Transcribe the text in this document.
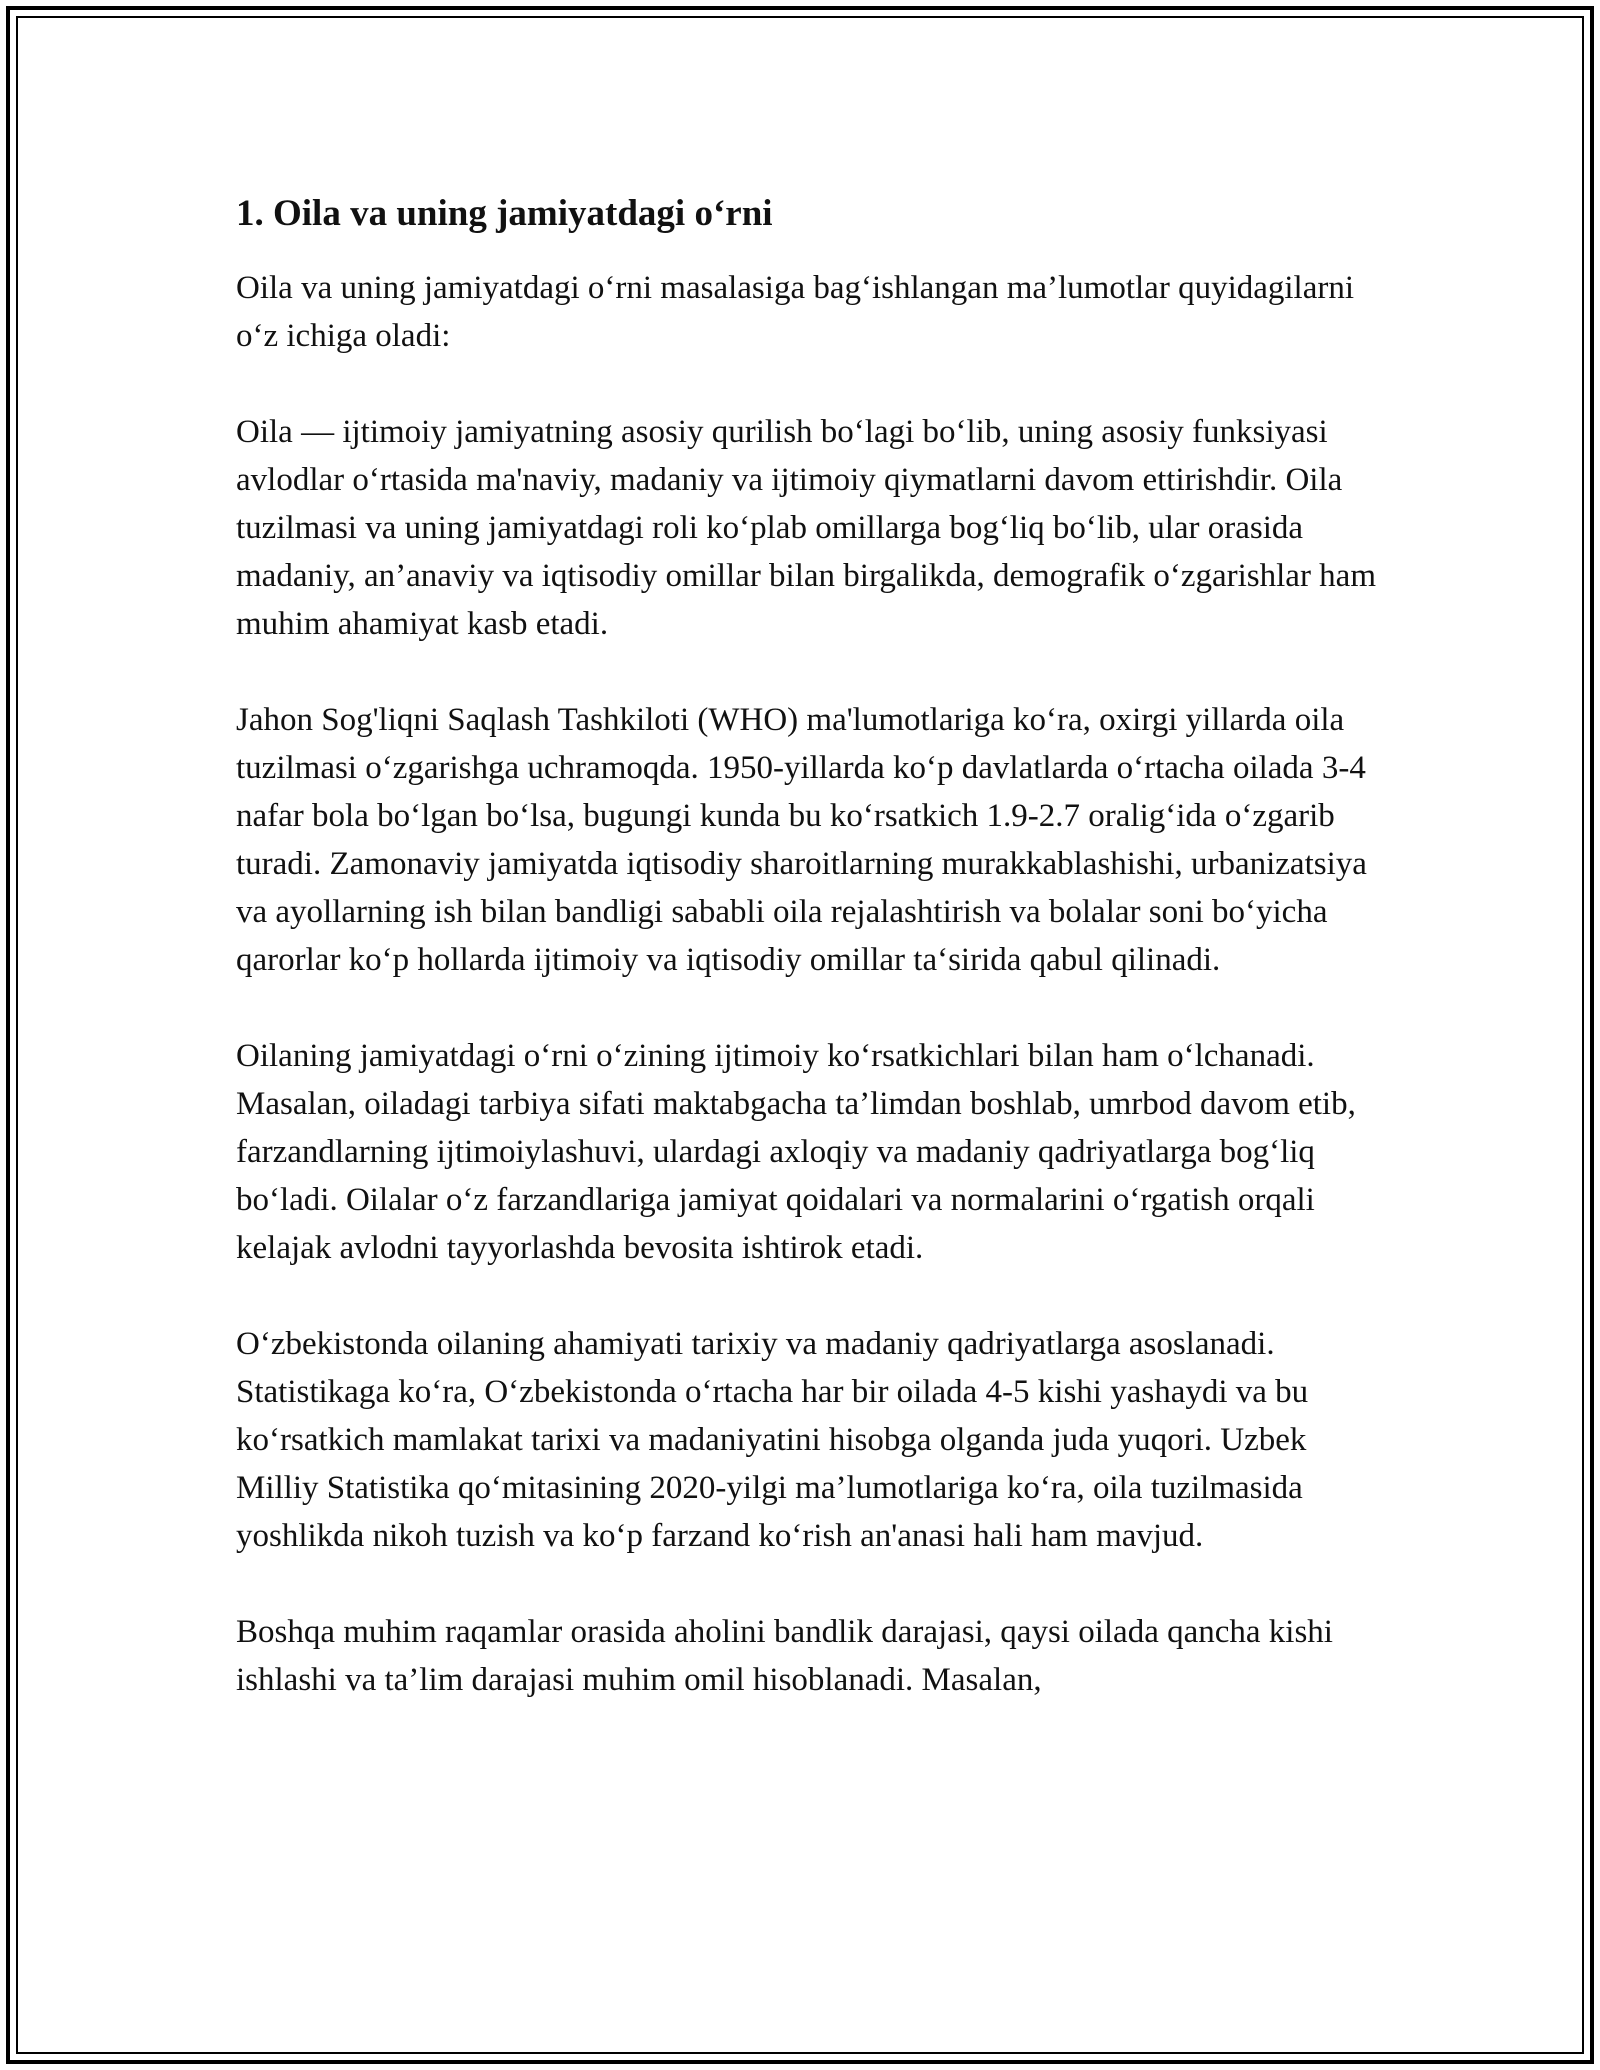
1. Oila va uning jamiyatdagi o‘rni

Oila va uning jamiyatdagi o‘rni masalasiga bag‘ishlangan ma’lumotlar quyidagilarni o‘z ichiga oladi:

Oila — ijtimoiy jamiyatning asosiy qurilish bo‘lagi bo‘lib, uning asosiy funksiyasi avlodlar o‘rtasida ma'naviy, madaniy va ijtimoiy qiymatlarni davom ettirishdir. Oila tuzilmasi va uning jamiyatdagi roli ko‘plab omillarga bog‘liq bo‘lib, ular orasida madaniy, an’anaviy va iqtisodiy omillar bilan birgalikda, demografik o‘zgarishlar ham muhim ahamiyat kasb etadi.

Jahon Sog'liqni Saqlash Tashkiloti (WHO) ma'lumotlariga ko‘ra, oxirgi yillarda oila tuzilmasi o‘zgarishga uchramoqda. 1950-yillarda ko‘p davlatlarda o‘rtacha oilada 3-4 nafar bola bo‘lgan bo‘lsa, bugungi kunda bu ko‘rsatkich 1.9-2.7 oralig‘ida o‘zgarib turadi. Zamonaviy jamiyatda iqtisodiy sharoitlarning murakkablashishi, urbanizatsiya va ayollarning ish bilan bandligi sababli oila rejalashtirish va bolalar soni bo‘yicha qarorlar ko‘p hollarda ijtimoiy va iqtisodiy omillar ta‘sirida qabul qilinadi.

Oilaning jamiyatdagi o‘rni o‘zining ijtimoiy ko‘rsatkichlari bilan ham o‘lchanadi. Masalan, oiladagi tarbiya sifati maktabgacha ta’limdan boshlab, umrbod davom etib, farzandlarning ijtimoiylashuvi, ulardagi axloqiy va madaniy qadriyatlarga bog‘liq bo‘ladi. Oilalar o‘z farzandlariga jamiyat qoidalari va normalarini o‘rgatish orqali kelajak avlodni tayyorlashda bevosita ishtirok etadi.

O‘zbekistonda oilaning ahamiyati tarixiy va madaniy qadriyatlarga asoslanadi. Statistikaga ko‘ra, O‘zbekistonda o‘rtacha har bir oilada 4-5 kishi yashaydi va bu ko‘rsatkich mamlakat tarixi va madaniyatini hisobga olganda juda yuqori. Uzbek Milliy Statistika qo‘mitasining 2020-yilgi ma’lumotlariga ko‘ra, oila tuzilmasida yoshlikda nikoh tuzish va ko‘p farzand ko‘rish an'anasi hali ham mavjud.

Boshqa muhim raqamlar orasida aholini bandlik darajasi, qaysi oilada qancha kishi ishlashi va ta’lim darajasi muhim omil hisoblanadi. Masalan,
